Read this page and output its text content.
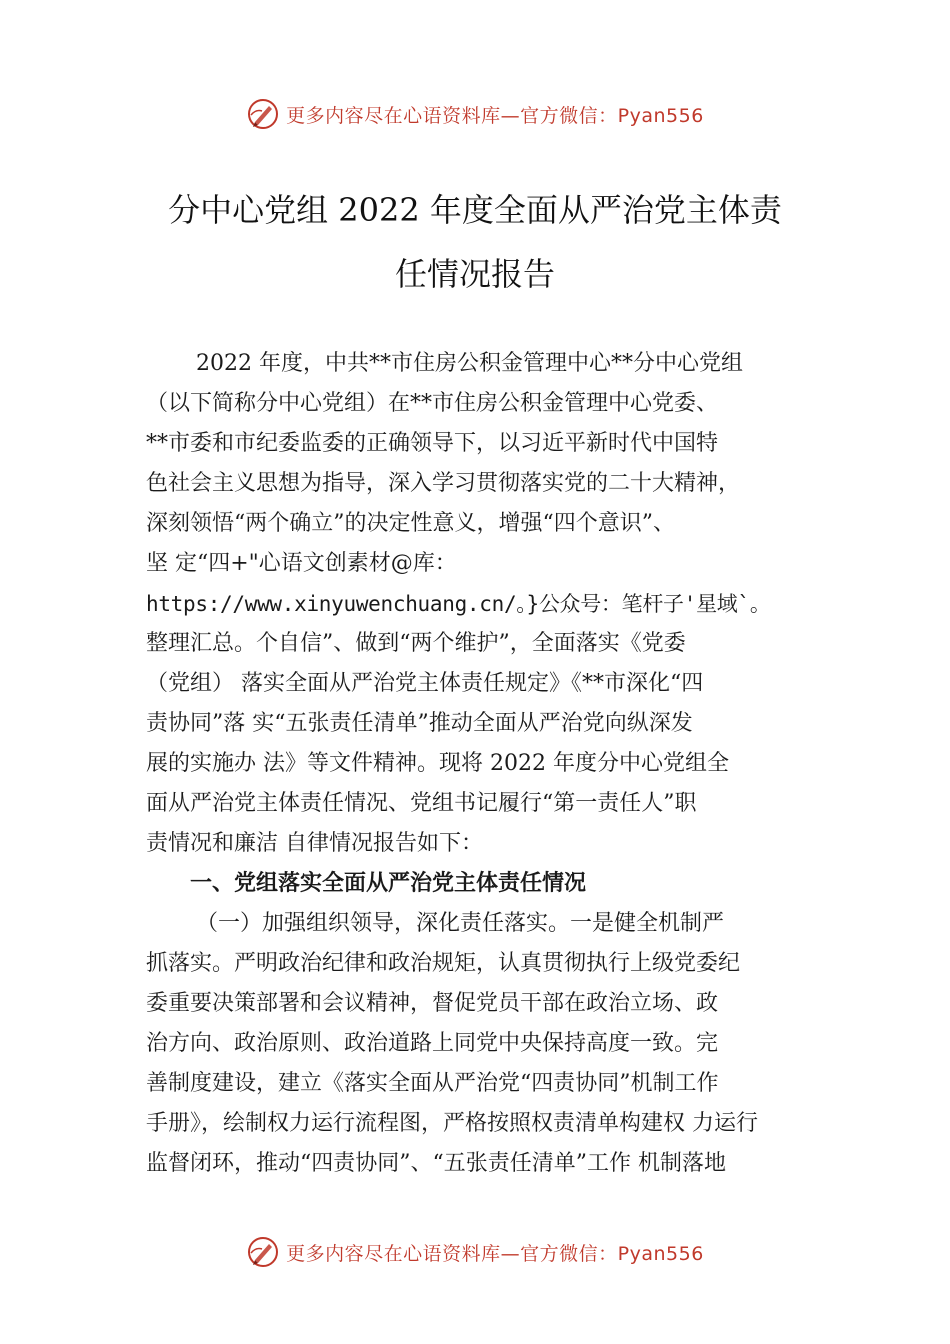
更多内容尽在心语资料库—官方微信：Pyan556
分中心党组 2022 年度全面从严治党主体责
任情况报告
2022 年度，中共**市住房公积金管理中心**分中心党组
（以下简称分中心党组）在**市住房公积金管理中心党委、
**市委和市纪委监委的正确领导下，以习近平新时代中国特
色社会主义思想为指导，深入学习贯彻落实党的二十大精神，
深刻领悟“两个确立”的决定性意义，增强“四个意识”、
坚 定“四+"心语文创素材@库：
https://www.xinyuwenchuang.cn/。}公众号：笔杆子'星域`。
整理汇总。个自信”、做到“两个维护”，全面落实《党委
（党组） 落实全面从严治党主体责任规定》《**市深化“四
责协同”落 实“五张责任清单”推动全面从严治党向纵深发
展的实施办 法》等文件精神。现将 2022 年度分中心党组全
面从严治党主体责任情况、党组书记履行“第一责任人”职
责情况和廉洁 自律情况报告如下：
一、党组落实全面从严治党主体责任情况
（一）加强组织领导，深化责任落实。一是健全机制严
抓落实。严明政治纪律和政治规矩，认真贯彻执行上级党委纪
委重要决策部署和会议精神，督促党员干部在政治立场、政
治方向、政治原则、政治道路上同党中央保持高度一致。完
善制度建设，建立《落实全面从严治党“四责协同”机制工作
手册》，绘制权力运行流程图，严格按照权责清单构建权 力运行
监督闭环，推动“四责协同”、“五张责任清单”工作 机制落地
更多内容尽在心语资料库—官方微信：Pyan556
